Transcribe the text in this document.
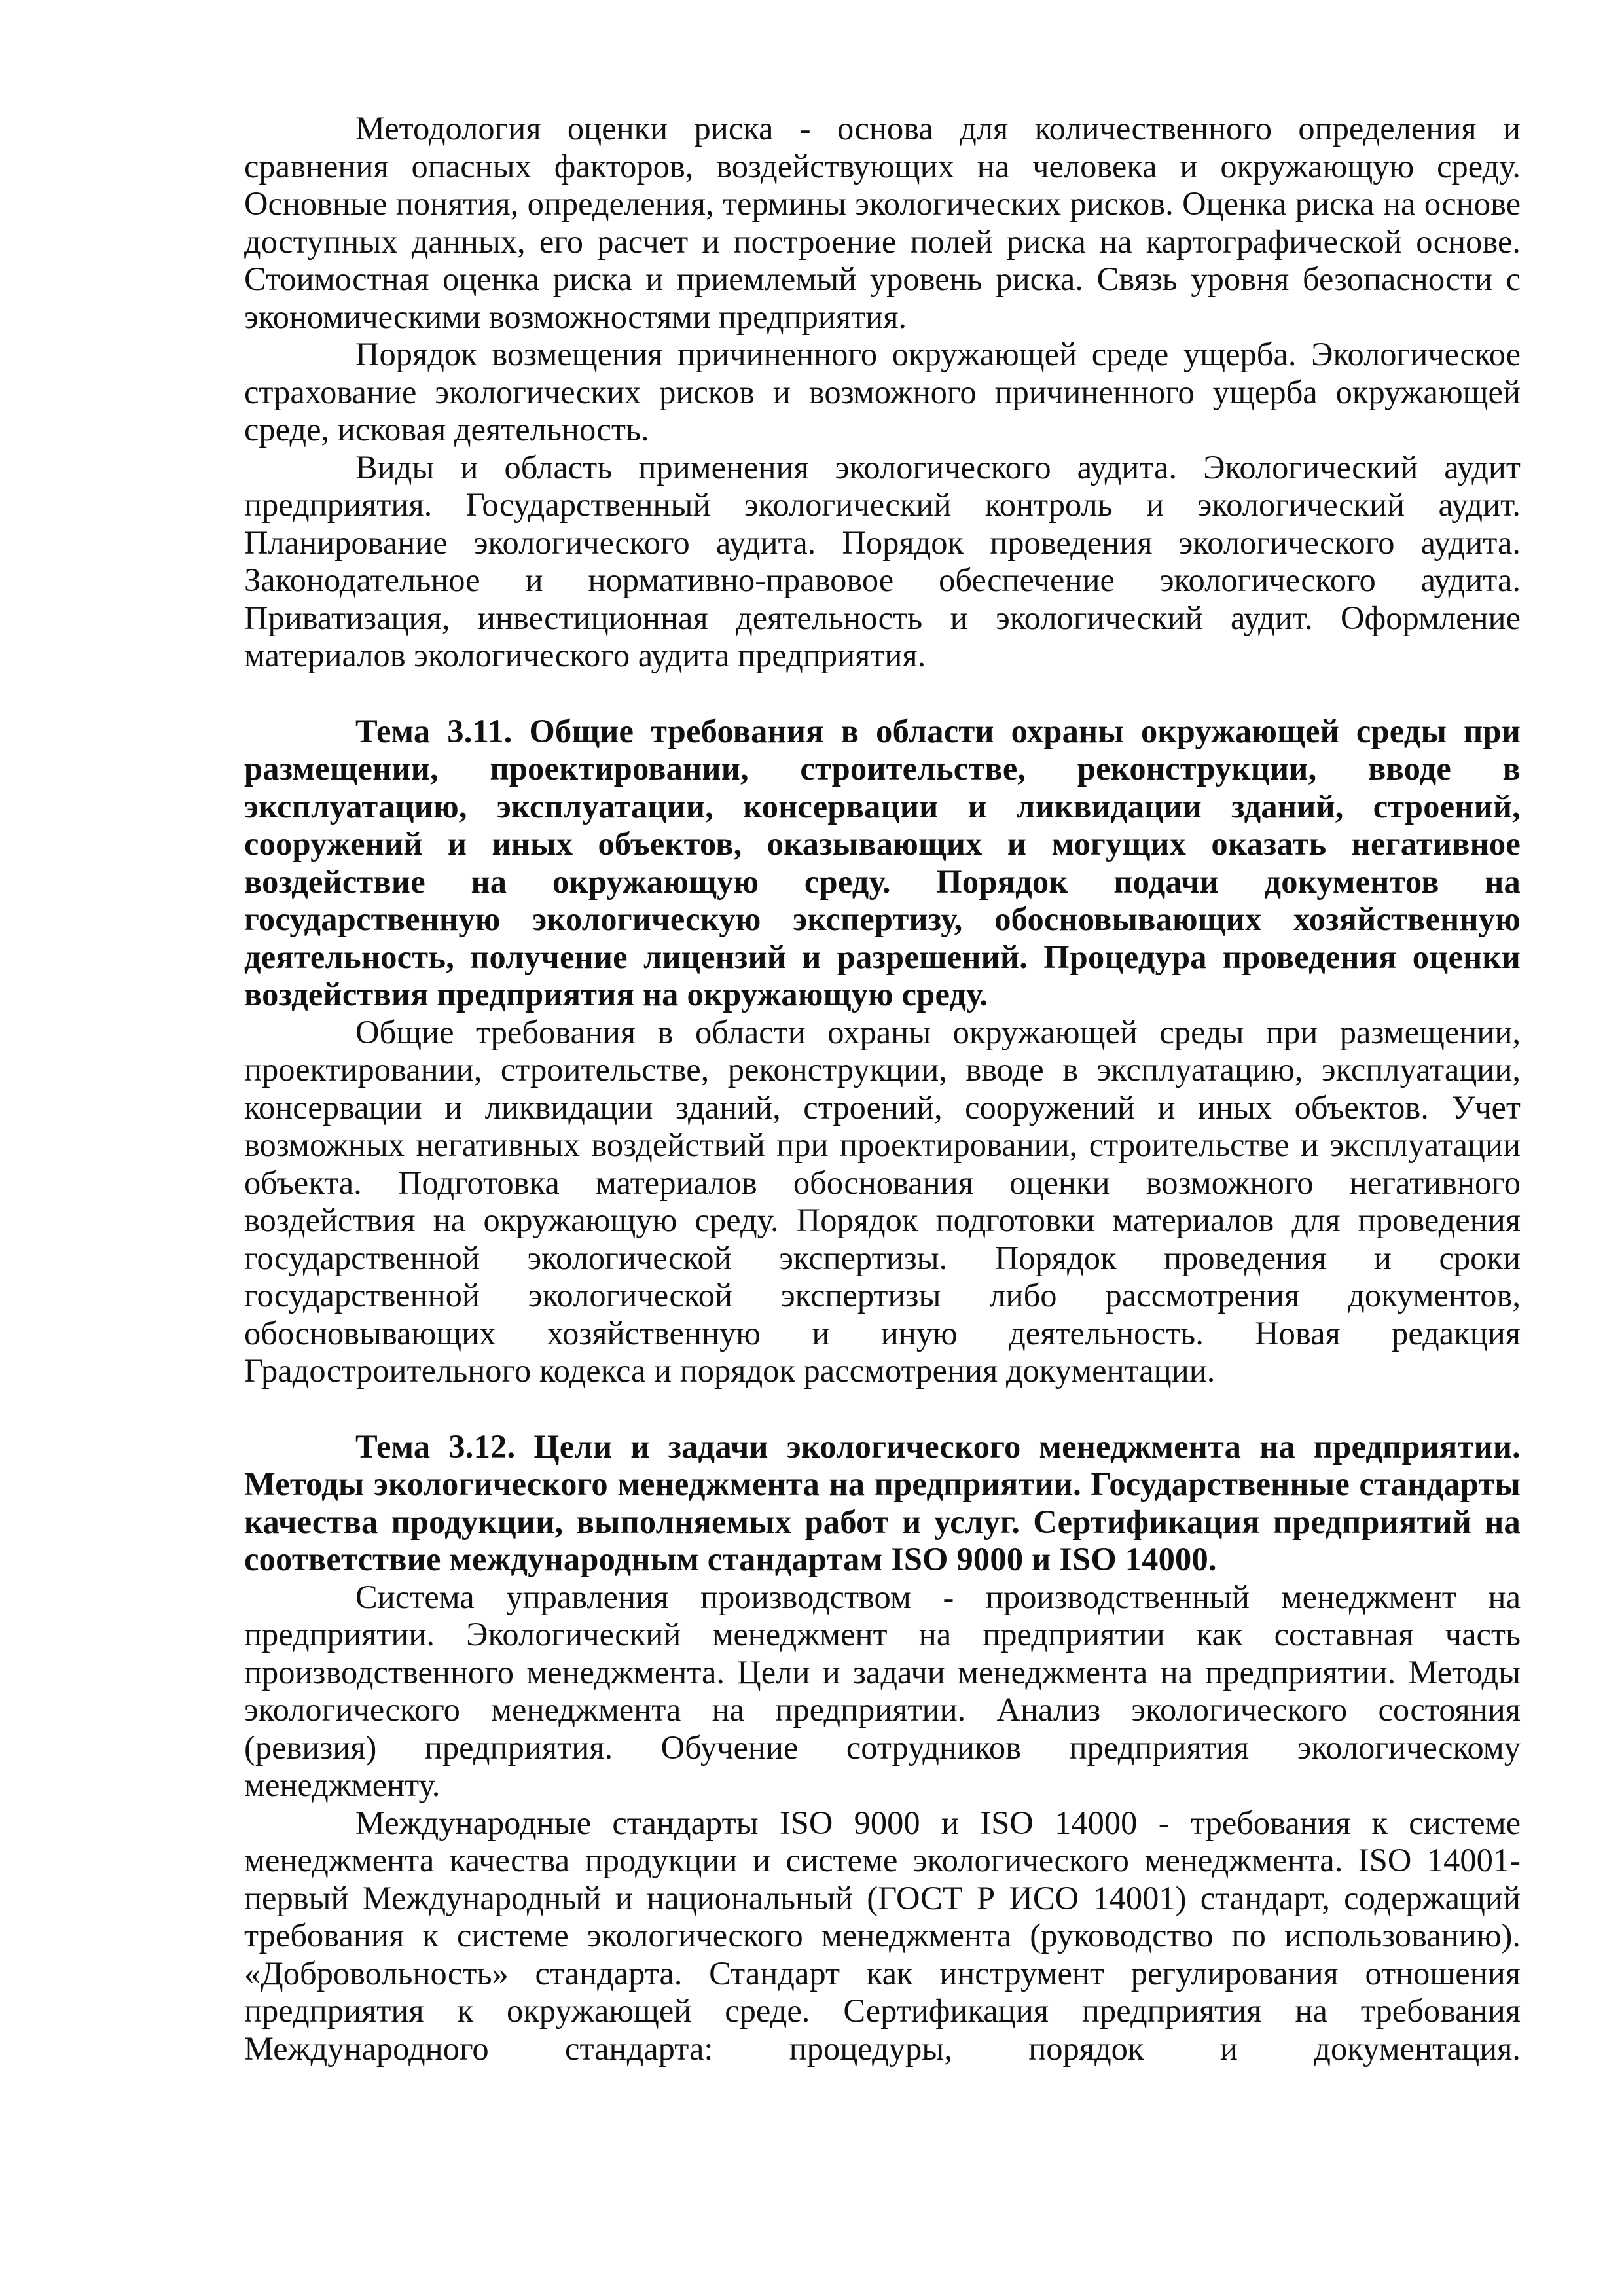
Методология оценки риска - основа для количественного определения и сравнения опасных факторов, воздействующих на человека и окружающую среду. Основные понятия, определения, термины экологических рисков. Оценка риска на основе доступных данных, его расчет и построение полей риска на картографической основе. Стоимостная оценка риска и приемлемый уровень риска. Связь уровня безопасности с экономическими возможностями предприятия.

Порядок возмещения причиненного окружающей среде ущерба. Экологическое страхование экологических рисков и возможного причиненного ущерба окружающей среде, исковая деятельность.

Виды и область применения экологического аудита. Экологический аудит предприятия. Государственный экологический контроль и экологический аудит. Планирование экологического аудита. Порядок проведения экологического аудита. Законодательное и нормативно-правовое обеспечение экологического аудита. Приватизация, инвестиционная деятельность и экологический аудит. Оформление материалов экологического аудита предприятия.

Тема 3.11. Общие требования в области охраны окружающей среды при размещении, проектировании, строительстве, реконструкции, вводе в эксплуатацию, эксплуатации, консервации и ликвидации зданий, строений, сооружений и иных объектов, оказывающих и могущих оказать негативное воздействие на окружающую среду. Порядок подачи документов на государственную экологическую экспертизу, обосновывающих хозяйственную деятельность, получение лицензий и разрешений. Процедура проведения оценки воздействия предприятия на окружающую среду.

Общие требования в области охраны окружающей среды при размещении, проектировании, строительстве, реконструкции, вводе в эксплуатацию, эксплуатации, консервации и ликвидации зданий, строений, сооружений и иных объектов. Учет возможных негативных воздействий при проектировании, строительстве и эксплуатации объекта. Подготовка материалов обоснования оценки возможного негативного воздействия на окружающую среду. Порядок подготовки материалов для проведения государственной экологической экспертизы. Порядок проведения и сроки государственной экологической экспертизы либо рассмотрения документов, обосновывающих хозяйственную и иную деятельность. Новая редакция Градостроительного кодекса и порядок рассмотрения документации.

Тема 3.12. Цели и задачи экологического менеджмента на предприятии. Методы экологического менеджмента на предприятии. Государственные стандарты качества продукции, выполняемых работ и услуг. Сертификация предприятий на соответствие международным стандартам ISO 9000 и ISO 14000.

Система управления производством - производственный менеджмент на предприятии. Экологический менеджмент на предприятии как составная часть производственного менеджмента. Цели и задачи менеджмента на предприятии. Методы экологического менеджмента на предприятии. Анализ экологического состояния (ревизия) предприятия. Обучение сотрудников предприятия экологическому менеджменту.

Международные стандарты ISO 9000 и ISO 14000 - требования к системе менеджмента качества продукции и системе экологического менеджмента. ISO 14001- первый Международный и национальный (ГОСТ Р ИСО 14001) стандарт, содержащий требования к системе экологического менеджмента (руководство по использованию). «Добровольность» стандарта. Стандарт как инструмент регулирования отношения предприятия к окружающей среде. Сертификация предприятия на требования Международного стандарта: процедуры, порядок и документация.
